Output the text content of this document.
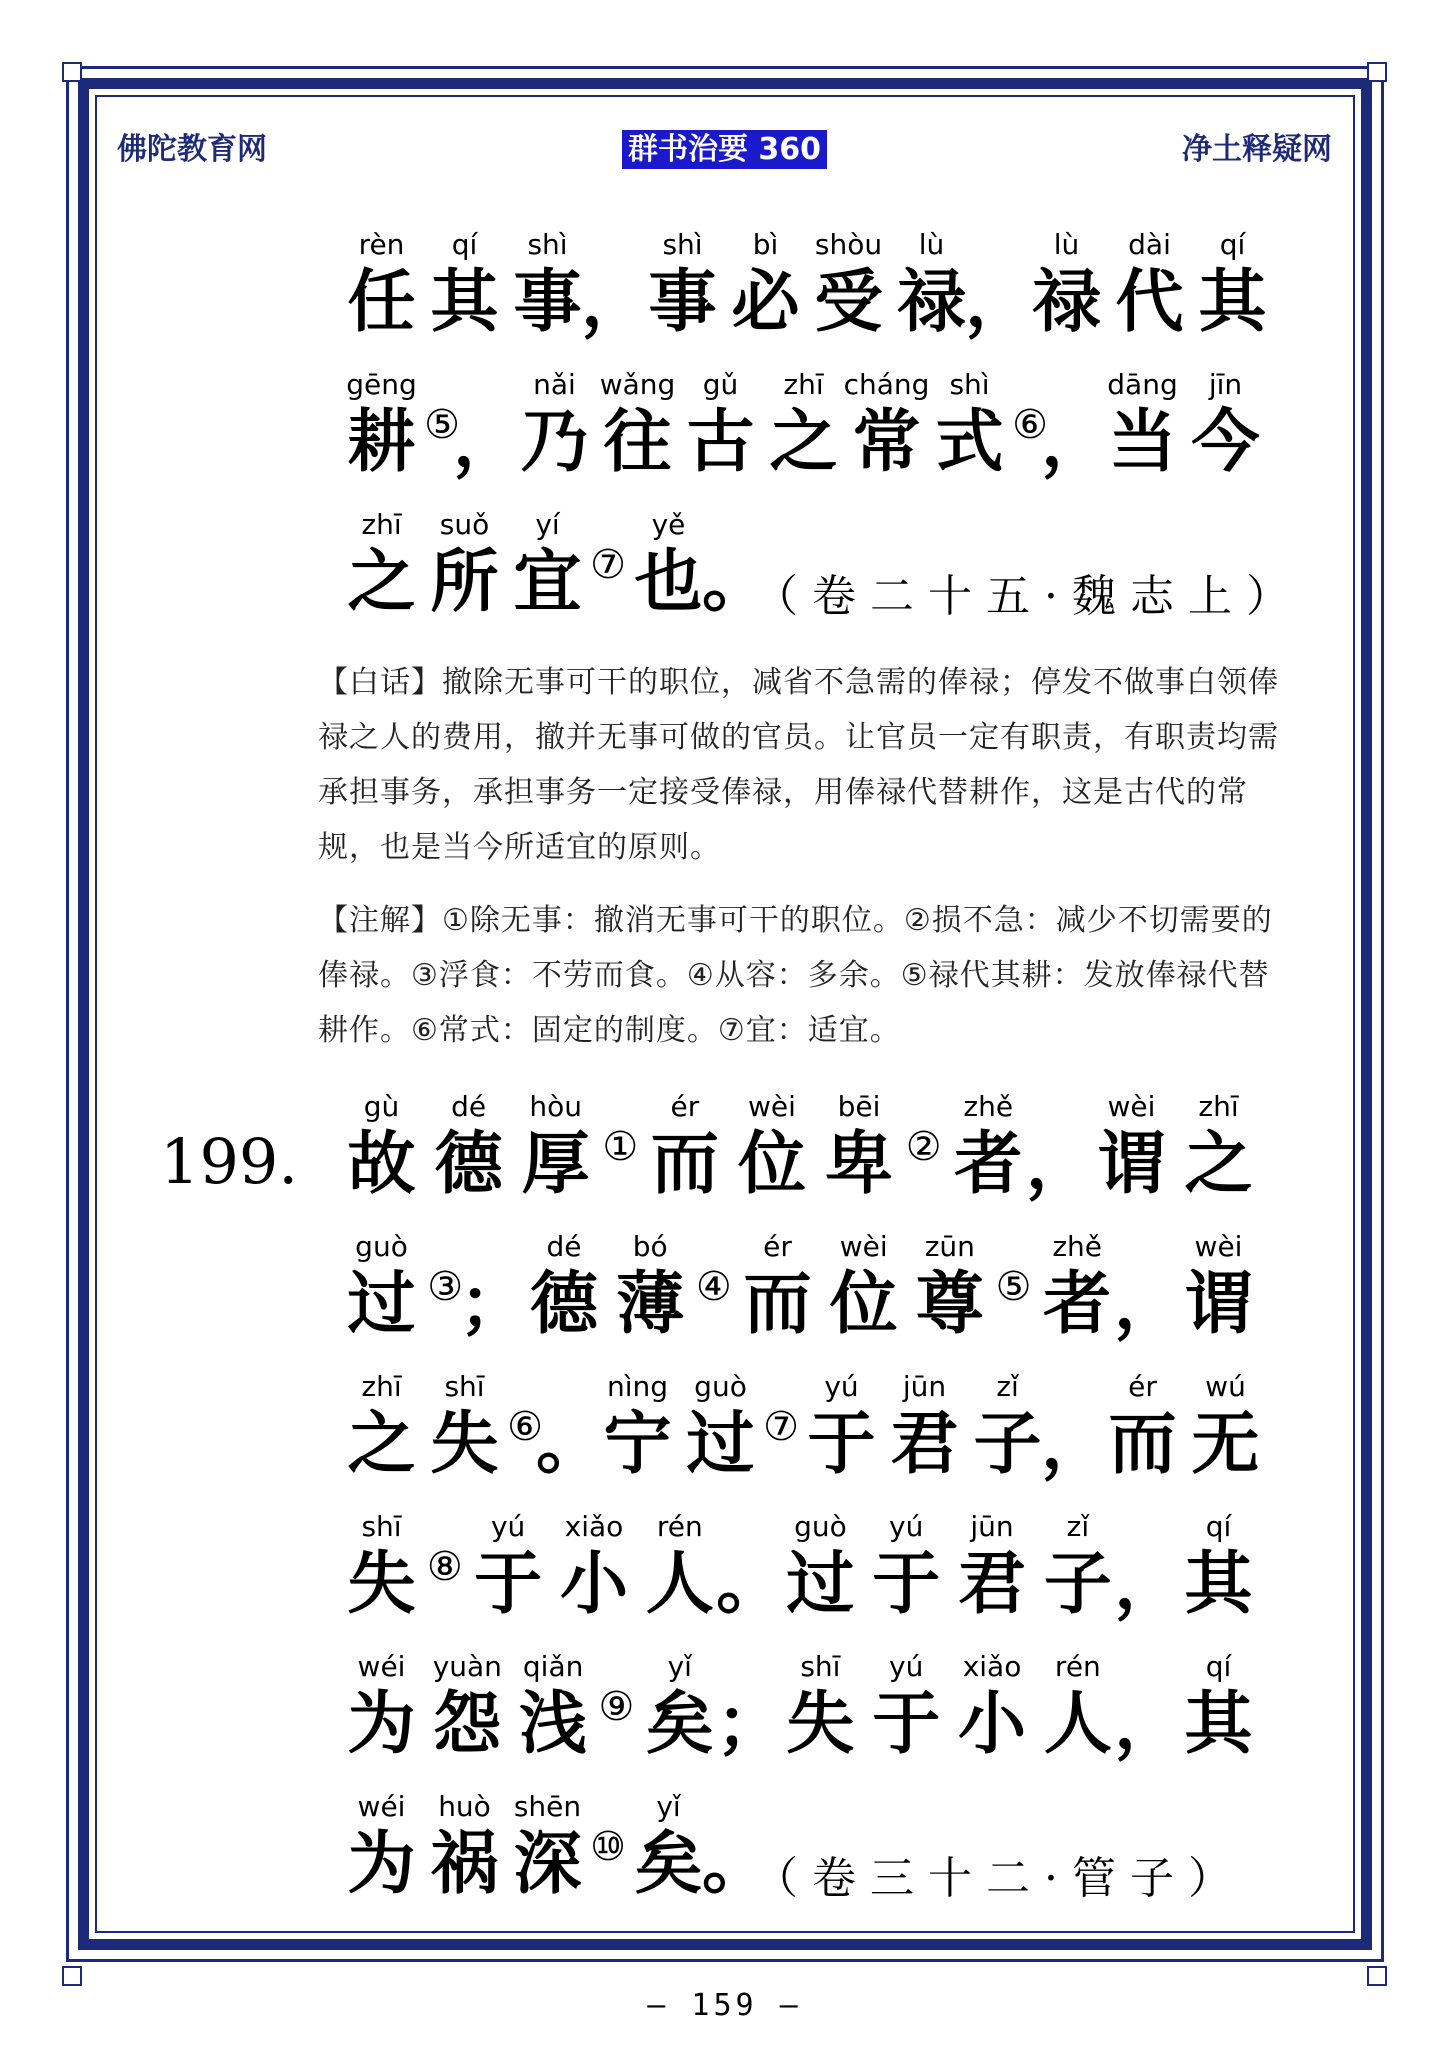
佛陀教育网	群书治要 360	净土释疑网
rèn
任
qí
其
shì
事 ，
shì
事
bì
必
shòu
受
lù
禄 ，
lù
禄
dài
代
qí
其
gēng
耕 ⑤
，
nǎi
乃
wǎng
往
gǔ
古
zhī
之
cháng
常
shì
式 ⑥
，
dāng
当
jīn
今
zhī
之
suǒ
所
yí
宜 ⑦
yě
也 。
（卷二十五·魏志上）
【白话】撤除无事可干的职位，减省不急需的俸禄；停发不做事白领俸禄之人的费用，撤并无事可做的官员。让官员一定有职责，有职责均需承担事务，承担事务一定接受俸禄，用俸禄代替耕作，这是古代的常规，也是当今所适宜的原则。
【注解】①除无事：撤消无事可干的职位。②损不急：减少不切需要的俸禄。③浮食：不劳而食。④从容：多余。⑤禄代其耕：发放俸禄代替耕作。⑥常式：固定的制度。⑦宜：适宜。
199.
gù
故
dé
德
hòu
厚 ①
ér
而
wèi
位
bēi
卑 ②
zhě
者 ，
wèi
谓
zhī
之
guò
过 ③
；
dé
德
bó
薄 ④
ér
而
wèi
位
zūn
尊 ⑤
zhě
者 ，
wèi
谓
zhī
之
shī
失 ⑥
。
nìng
宁
guò
过 ⑦
yú
于
jūn
君
zǐ
子 ，
ér
而
wú
无
shī
失 ⑧
yú
于
xiǎo
小
rén
人 。
guò
过
yú
于
jūn
君
zǐ
子 ，
qí
其
wéi
为
yuàn
怨
qiǎn
浅 ⑨
yǐ
矣 ；
shī
失
yú
于
xiǎo
小
rén
人 ，
qí
其
wéi
为
huò
祸
shēn
深 ⑩
yǐ
矣 。
（卷三十二·管子）
– 159 –
